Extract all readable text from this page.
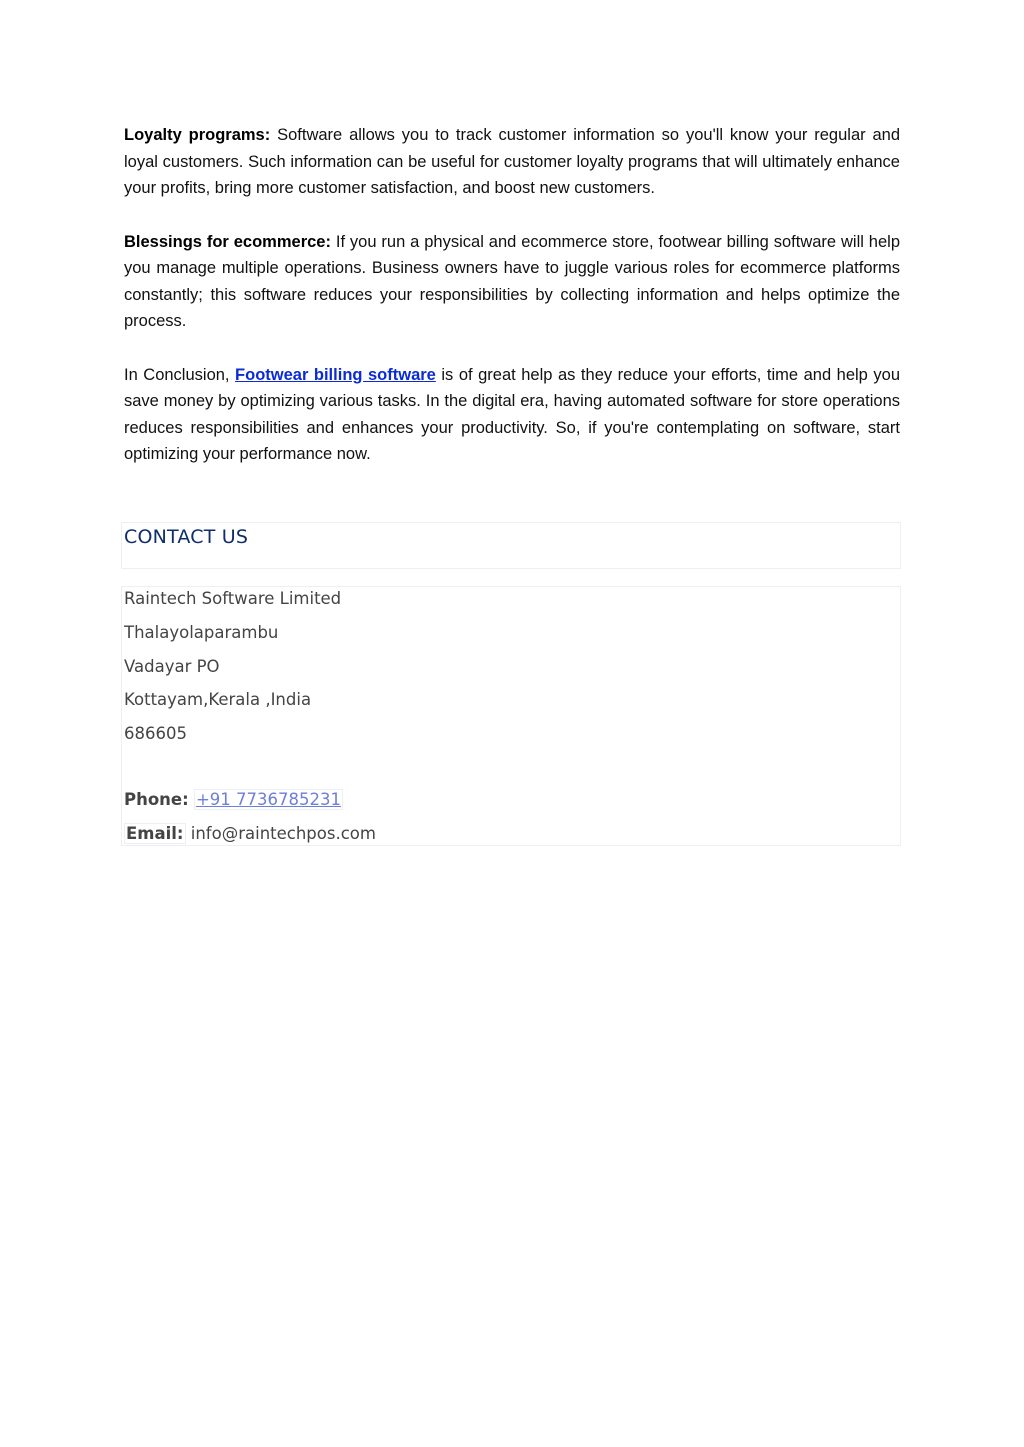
Loyalty programs: Software allows you to track customer information so you'll know your regular and loyal customers. Such information can be useful for customer loyalty programs that will ultimately enhance your profits, bring more customer satisfaction, and boost new customers.

Blessings for ecommerce: If you run a physical and ecommerce store, footwear billing software will help you manage multiple operations. Business owners have to juggle various roles for ecommerce platforms constantly; this software reduces your responsibilities by collecting information and helps optimize the process.

In Conclusion, Footwear billing software is of great help as they reduce your efforts, time and help you save money by optimizing various tasks. In the digital era, having automated software for store operations reduces responsibilities and enhances your productivity. So, if you're contemplating on software, start optimizing your performance now.

CONTACT US
Raintech Software Limited
Thalayolaparambu
Vadayar PO
Kottayam,Kerala ,India
686605
Phone: +91 7736785231
Email: info@raintechpos.com
